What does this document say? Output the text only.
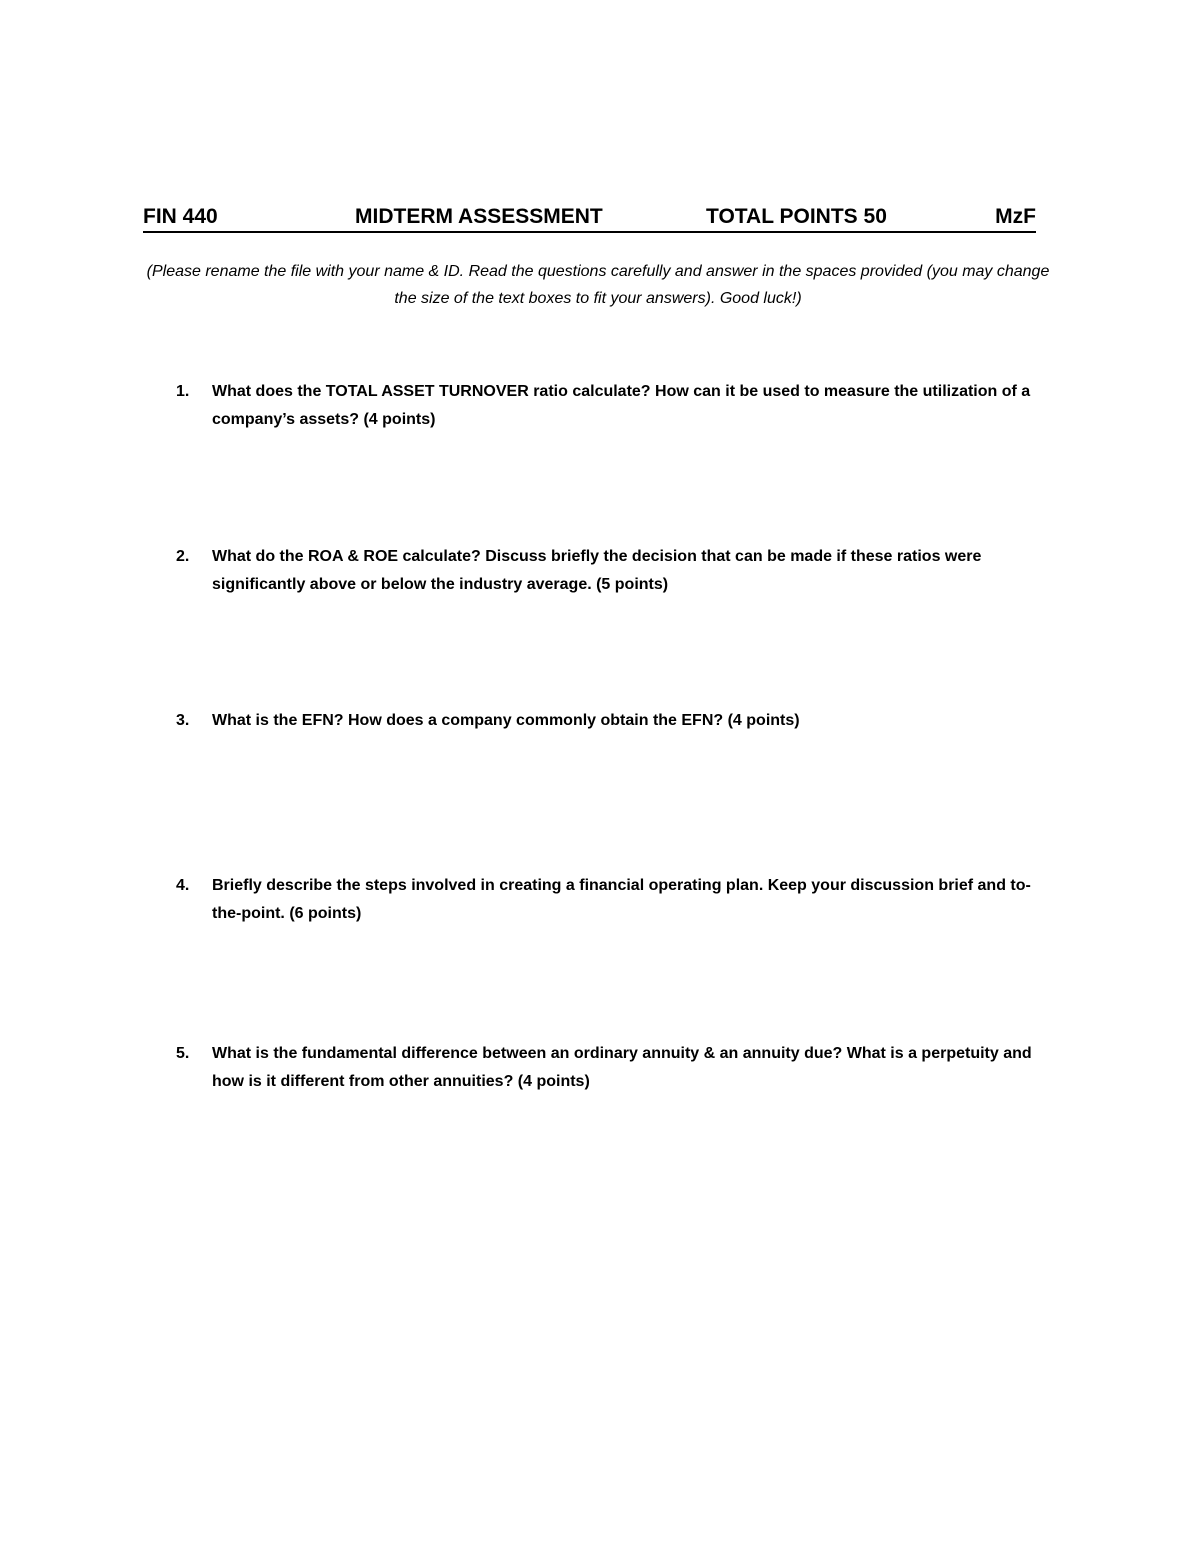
FIN 440	MIDTERM ASSESSMENT	TOTAL POINTS 50	MzF
(Please rename the file with your name & ID. Read the questions carefully and answer in the spaces provided (you may change the size of the text boxes to fit your answers). Good luck!)
1.	What does the TOTAL ASSET TURNOVER ratio calculate? How can it be used to measure the utilization of a company’s assets? (4 points)
2.	What do the ROA & ROE calculate? Discuss briefly the decision that can be made if these ratios were significantly above or below the industry average. (5 points)
3.	What is the EFN? How does a company commonly obtain the EFN? (4 points)
4.	Briefly describe the steps involved in creating a financial operating plan. Keep your discussion brief and to-the-point. (6 points)
5.	What is the fundamental difference between an ordinary annuity & an annuity due? What is a perpetuity and how is it different from other annuities? (4 points)
